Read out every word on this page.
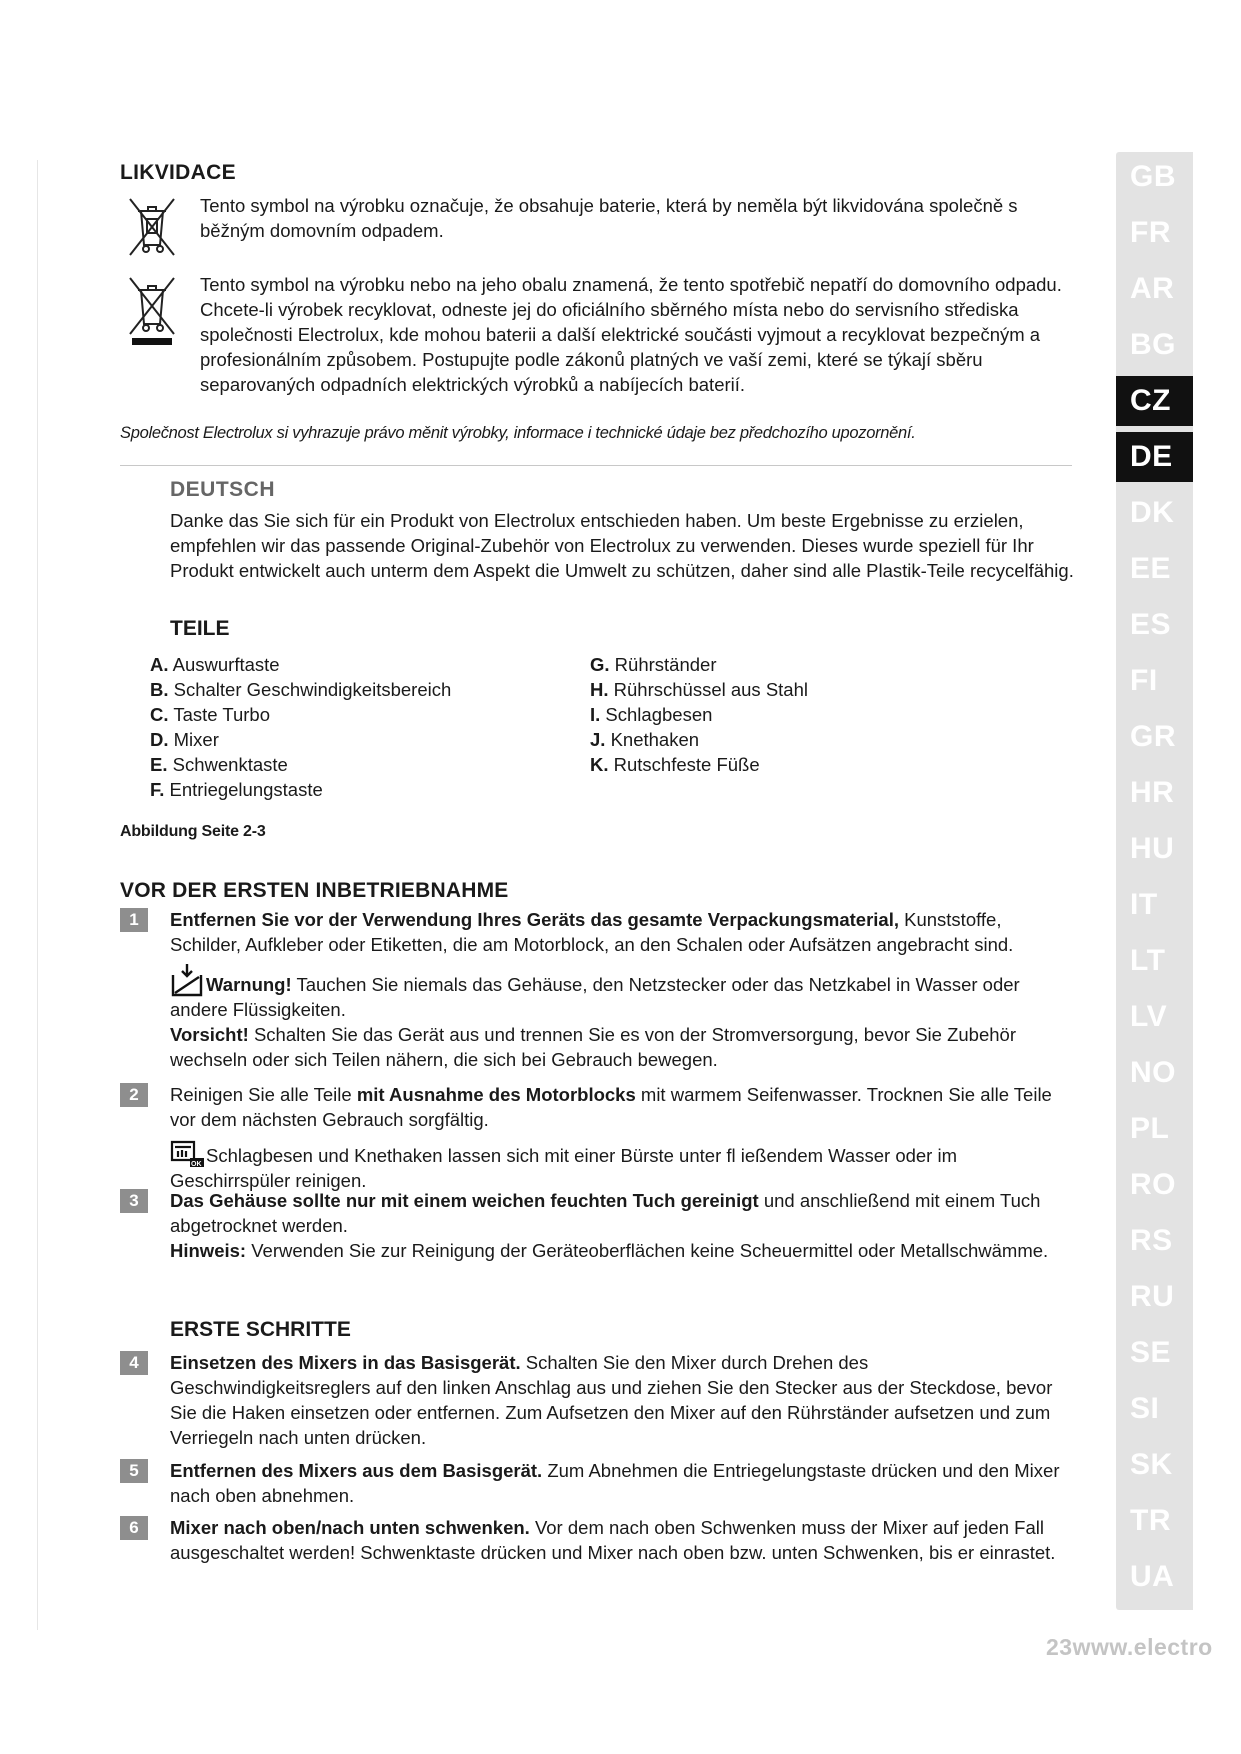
LIKVIDACE
Tento symbol na výrobku označuje, že obsahuje baterie, která by neměla být likvidována společně s běžným domovním odpadem.
Tento symbol na výrobku nebo na jeho obalu znamená, že tento spotřebič nepatří do domovního odpadu. Chcete-li výrobek recyklovat, odneste jej do oficiálního sběrného místa nebo do servisního střediska společnosti Electrolux, kde mohou baterii a další elektrické součásti vyjmout a recyklovat bezpečným a profesionálním způsobem. Postupujte podle zákonů platných ve vaší zemi, které se týkají sběru separovaných odpadních elektrických výrobků a nabíjecích baterií.
Společnost Electrolux si vyhrazuje právo měnit výrobky, informace i technické údaje bez předchozího upozornění.
DEUTSCH
Danke das Sie sich für ein Produkt von Electrolux entschieden haben. Um beste Ergebnisse zu erzielen, empfehlen wir das passende Original-Zubehör von Electrolux zu verwenden. Dieses wurde speziell für Ihr Produkt entwickelt auch unterm dem Aspekt die Umwelt zu schützen, daher sind alle Plastik-Teile recycelfähig.
TEILE
A. Auswurftaste
B. Schalter Geschwindigkeitsbereich
C. Taste Turbo
D. Mixer
E. Schwenktaste
F. Entriegelungstaste
G. Rührständer
H. Rührschüssel aus Stahl
I. Schlagbesen
J. Knethaken
K. Rutschfeste Füße
Abbildung Seite 2-3
VOR DER ERSTEN INBETRIEBNAHME
1	Entfernen Sie vor der Verwendung Ihres Geräts das gesamte Verpackungsmaterial, Kunststoffe, Schilder, Aufkleber oder Etiketten, die am Motorblock, an den Schalen oder Aufsätzen angebracht sind.
Warnung! Tauchen Sie niemals das Gehäuse, den Netzstecker oder das Netzkabel in Wasser oder andere Flüssigkeiten.
Vorsicht! Schalten Sie das Gerät aus und trennen Sie es von der Stromversorgung, bevor Sie Zubehör wechseln oder sich Teilen nähern, die sich bei Gebrauch bewegen.
2	Reinigen Sie alle Teile mit Ausnahme des Motorblocks mit warmem Seifenwasser. Trocknen Sie alle Teile vor dem nächsten Gebrauch sorgfältig.
OK Schlagbesen und Knethaken lassen sich mit einer Bürste unter fl ießendem Wasser oder im Geschirrspüler reinigen.
3	Das Gehäuse sollte nur mit einem weichen feuchten Tuch gereinigt und anschließend mit einem Tuch abgetrocknet werden.
Hinweis: Verwenden Sie zur Reinigung der Geräteoberflächen keine Scheuermittel oder Metallschwämme.
ERSTE SCHRITTE
4	Einsetzen des Mixers in das Basisgerät. Schalten Sie den Mixer durch Drehen des Geschwindigkeitsreglers auf den linken Anschlag aus und ziehen Sie den Stecker aus der Steckdose, bevor Sie die Haken einsetzen oder entfernen. Zum Aufsetzen den Mixer auf den Rührständer aufsetzen und zum Verriegeln nach unten drücken.
5	Entfernen des Mixers aus dem Basisgerät. Zum Abnehmen die Entriegelungstaste drücken und den Mixer nach oben abnehmen.
6	Mixer nach oben/nach unten schwenken. Vor dem nach oben Schwenken muss der Mixer auf jeden Fall ausgeschaltet werden! Schwenktaste drücken und Mixer nach oben bzw. unten Schwenken, bis er einrastet.
GB
FR
AR
BG
CZ
DE
DK
EE
ES
FI
GR
HR
HU
IT
LT
LV
NO
PL
RO
RS
RU
SE
SI
SK
TR
UA
23www.electro
